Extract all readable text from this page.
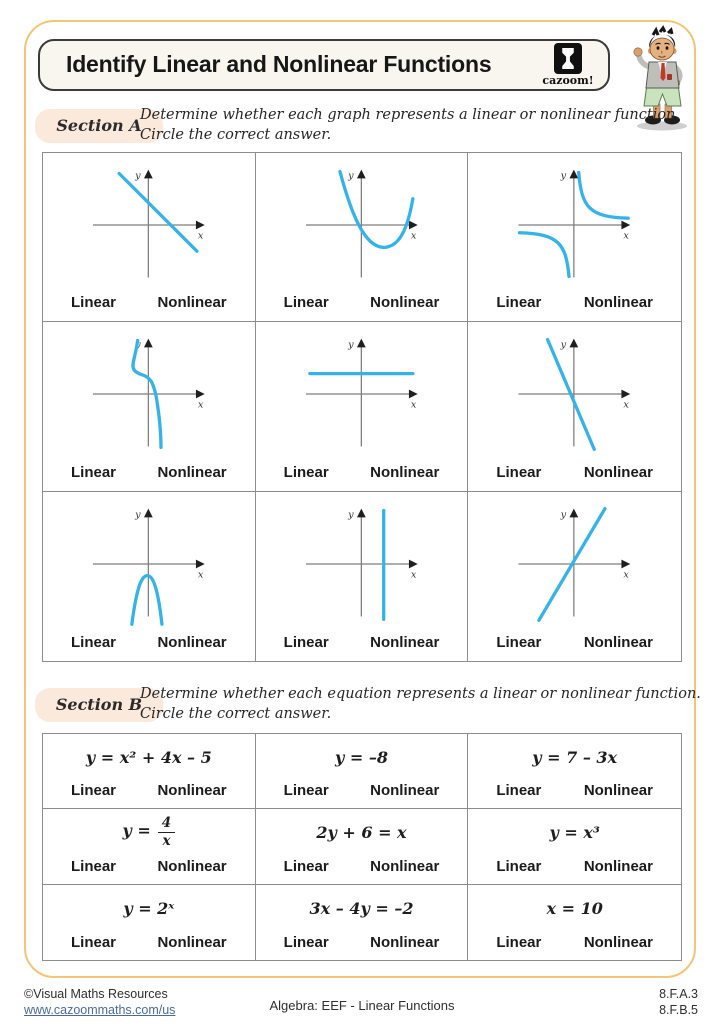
Identify Linear and Nonlinear Functions
cazoom!
Section A
Determine whether each graph represents a linear or nonlinear function.
Circle the correct answer.
y
x
Linear	Nonlinear
y
x
Linear	Nonlinear
y
x
Linear	Nonlinear
y
x
Linear	Nonlinear
y
x
Linear	Nonlinear
y
x
Linear	Nonlinear
y
x
Linear	Nonlinear
y
x
Linear	Nonlinear
y
x
Linear	Nonlinear
Section B
Determine whether each equation represents a linear or nonlinear function.
Circle the correct answer.
y = x² + 4x – 5
Linear	Nonlinear
y = –8
Linear	Nonlinear
y = 7 – 3x
Linear	Nonlinear
$y = \frac{4}{x}$
Linear	Nonlinear
2y + 6 = x
Linear	Nonlinear
y = x³
Linear	Nonlinear
y = 2ˣ
Linear	Nonlinear
3x – 4y = –2
Linear	Nonlinear
x = 10
Linear	Nonlinear
©Visual Maths Resources
www.cazoommaths.com/us	Algebra: EEF - Linear Functions
8.F.A.3
8.F.B.5
